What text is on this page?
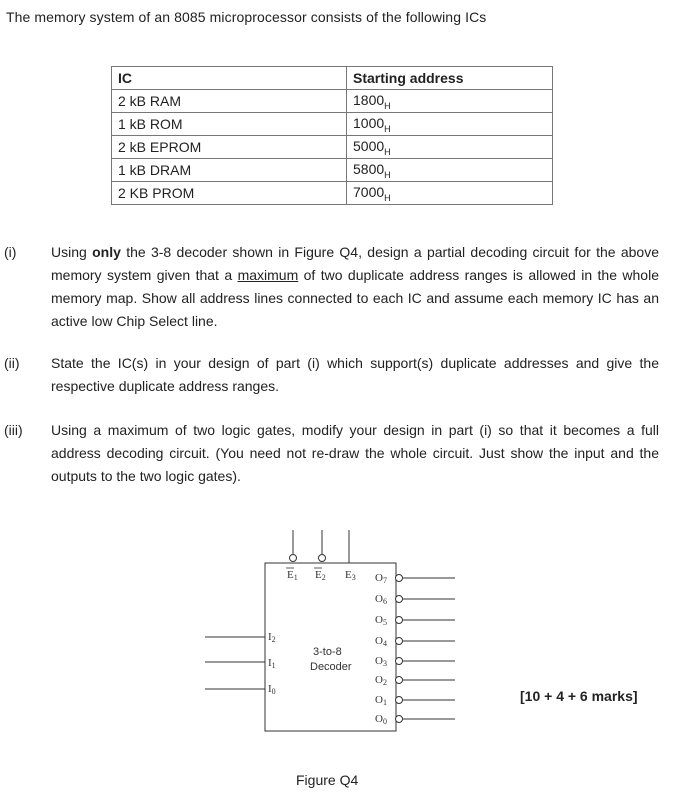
The memory system of an 8085 microprocessor consists of the following ICs
IC	Starting address
2 kB RAM	$1800_H$
1 kB ROM	$1000_H$
2 kB EPROM	$5000_H$
1 kB DRAM	$5800_H$
2 KB PROM	$7000_H$
(i) Using only the 3-8 decoder shown in Figure Q4, design a partial decoding circuit for the above memory system given that a maximum of two duplicate address ranges is allowed in the whole memory map. Show all address lines connected to each IC and assume each memory IC has an active low Chip Select line.
(ii) State the IC(s) in your design of part (i) which support(s) duplicate addresses and give the respective duplicate address ranges.
(iii) Using a maximum of two logic gates, modify your design in part (i) so that it becomes a full address decoding circuit. (You need not re-draw the whole circuit. Just show the input and the outputs to the two logic gates).
E1 E2 E3
I2
I1
I0
3-to-8
Decoder
O7
O6
O5
O4
O3
O2
O1
O0
[10 + 4 + 6 marks]
Figure Q4
